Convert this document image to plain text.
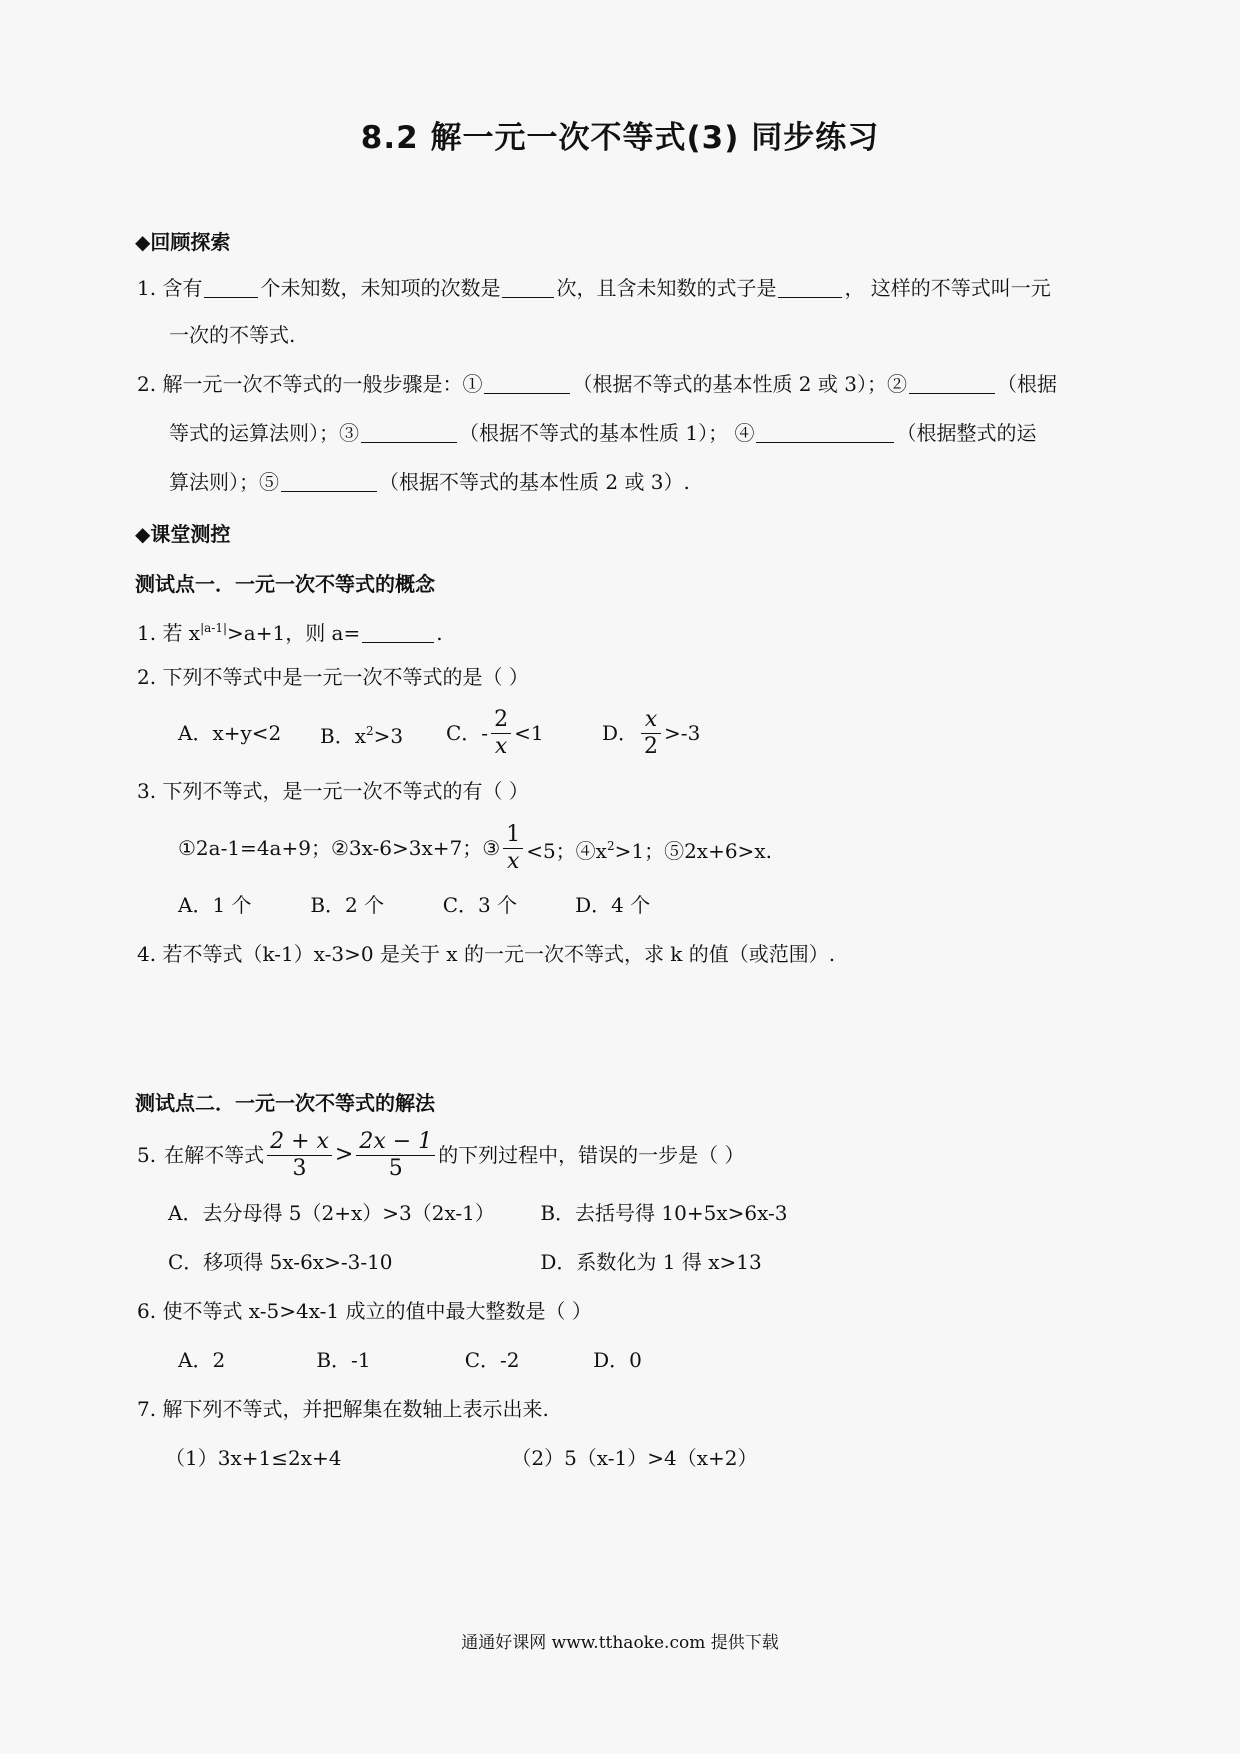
8.2 解一元一次不等式(3) 同步练习
◆回顾探索
1. 含有	个未知数，未知项的次数是	次，且含未知数的式子是	， 这样的不等式叫一元
一次的不等式.
2. 解一元一次不等式的一般步骤是：①	（根据不等式的基本性质 2 或 3）；②	（根据
等式的运算法则）；③	（根据不等式的基本性质 1）； ④	（根据整式的运
算法则）；⑤	（根据不等式的基本性质 2 或 3）.
◆课堂测控
测试点一．一元一次不等式的概念
1. 若 $x^{|a-1|}>a+1$，则 a=	.
2. 下列不等式中是一元一次不等式的是（ ）
A．x+y<2	B．$x^2>3$	C．- $\frac{2}{x} <1$	D． $\frac{x}{2} >-3$
3. 下列不等式，是一元一次不等式的有（ ）
①2a-1=4a+9；②3x-6>3x+7；③ $\frac{1}{x} <5$；$④x^2>1$；⑤2x+6>x.
A．1 个	B．2 个	C．3 个	D．4 个
4. 若不等式（k-1）x-3>0 是关于 x 的一元一次不等式，求 k 的值（或范围）.
测试点二．一元一次不等式的解法
5. 在解不等式 $\frac{2 + x}{3} > \frac{2x - 1}{5}$ 的下列过程中，错误的一步是（ ）
A．去分母得 5（2+x）>3（2x-1） B．去括号得 10+5x>6x-3
C．移项得 5x-6x>-3-10	D．系数化为 1 得 x>13
6. 使不等式 x-5>4x-1 成立的值中最大整数是（ ）
A．2	B．-1	C．-2	D．0
7. 解下列不等式，并把解集在数轴上表示出来.
（1）3x+1≤2x+4	（2）5（x-1）>4（x+2）
通通好课网 www.tthaoke.com 提供下载
